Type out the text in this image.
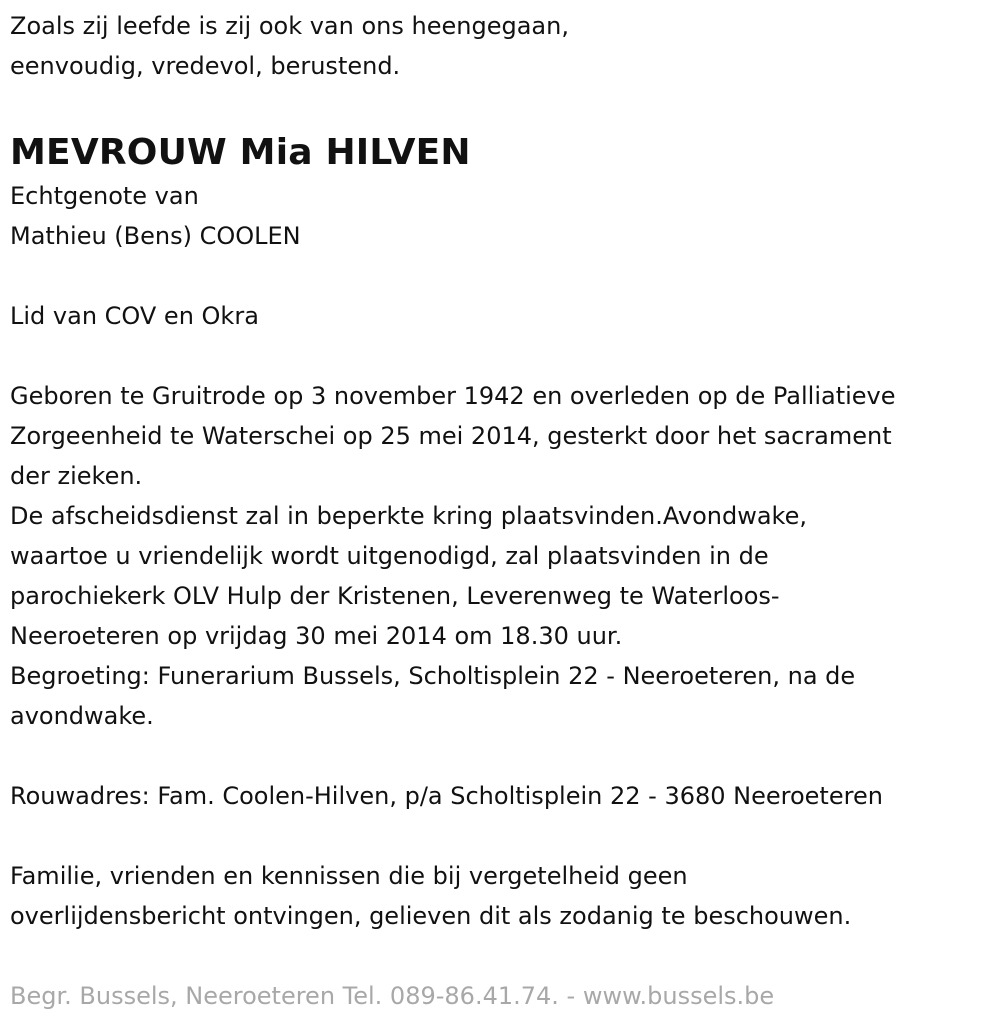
Zoals zij leefde is zij ook van ons heengegaan,
eenvoudig, vredevol, berustend.
MEVROUW Mia HILVEN
Echtgenote van
Mathieu (Bens) COOLEN
Lid van COV en Okra
Geboren te Gruitrode op 3 november 1942 en overleden op de Palliatieve
Zorgeenheid te Waterschei op 25 mei 2014, gesterkt door het sacrament
der zieken.
De afscheidsdienst zal in beperkte kring plaatsvinden.Avondwake,
waartoe u vriendelijk wordt uitgenodigd, zal plaatsvinden in de
parochiekerk OLV Hulp der Kristenen, Leverenweg te Waterloos-
Neeroeteren op vrijdag 30 mei 2014 om 18.30 uur.
Begroeting: Funerarium Bussels, Scholtisplein 22 - Neeroeteren, na de
avondwake.
Rouwadres: Fam. Coolen-Hilven, p/a Scholtisplein 22 - 3680 Neeroeteren
Familie, vrienden en kennissen die bij vergetelheid geen
overlijdensbericht ontvingen, gelieven dit als zodanig te beschouwen.
Begr. Bussels, Neeroeteren Tel. 089-86.41.74. - www.bussels.be
